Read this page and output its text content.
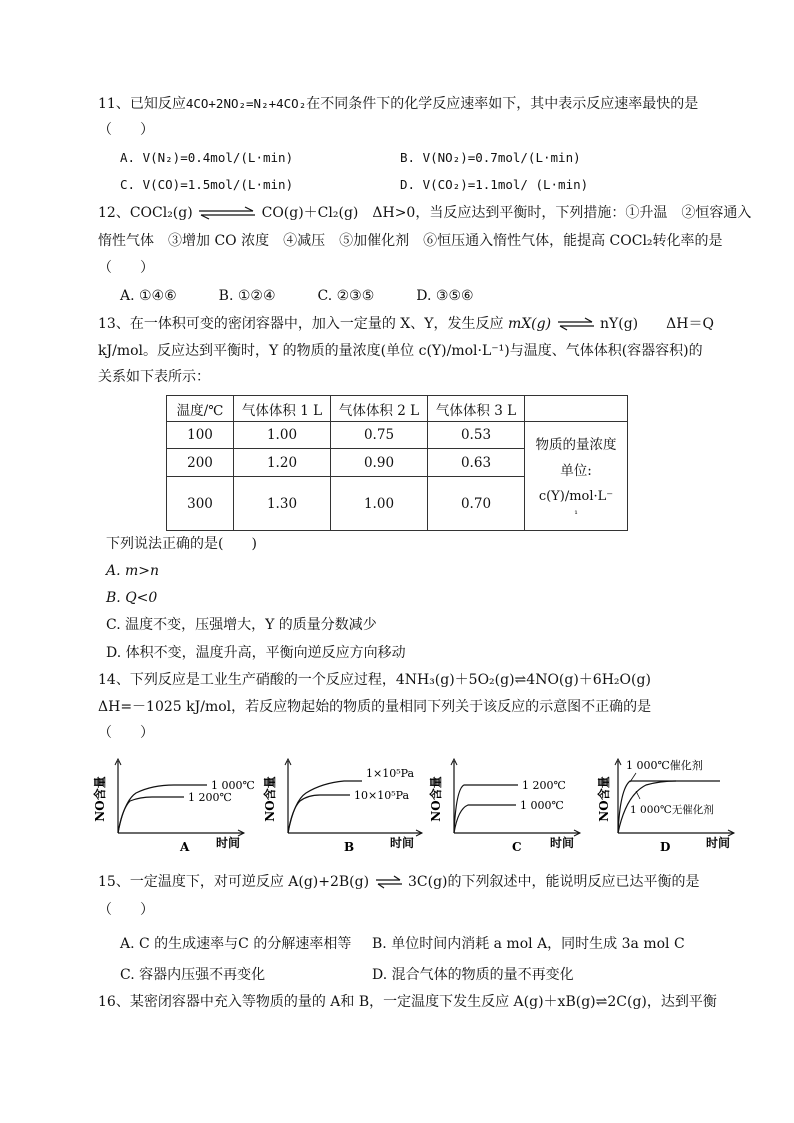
11、已知反应4CO+2NO₂=N₂+4CO₂在不同条件下的化学反应速率如下，其中表示反应速率最快的是
（　　）
A. V(N₂)=0.4mol/(L·min)	B. V(NO₂)=0.7mol/(L·min)
C. V(CO)=1.5mol/(L·min)	D. V(CO₂)=1.1mol/ (L·min)
12、COCl₂(g)	CO(g)＋Cl₂(g)　ΔH>0，当反应达到平衡时，下列措施：①升温　②恒容通入
惰性气体　③增加 CO 浓度　④减压　⑤加催化剂　⑥恒压通入惰性气体，能提高 COCl₂转化率的是
（　　）
A. ①④⑥　　　B. ①②④　　　C. ②③⑤　　　D. ③⑤⑥
13、在一体积可变的密闭容器中，加入一定量的 X、Y，发生反应 mX(g) ⇌ nY(g)　　ΔH＝Q
kJ/mol。反应达到平衡时，Y 的物质的量浓度(单位 c(Y)/mol·L⁻¹)与温度、气体体积(容器容积)的
关系如下表所示：
温度/℃	气体体积 1 L	气体体积 2 L	气体体积 3 L	
100	1.00	0.75	0.53	物质的量浓度
单位:
c(Y)/mol·L⁻
¹

200	1.20	0.90	0.63	
300	1.30	1.00	0.70	
下列说法正确的是(　　)
A. m>n
B. Q<0
C. 温度不变，压强增大，Y 的质量分数减少
D. 体积不变，温度升高，平衡向逆反应方向移动
14、下列反应是工业生产硝酸的一个反应过程，4NH₃(g)＋5O₂(g)⇌4NO(g)＋6H₂O(g)
ΔH=－1025 kJ/mol，若反应物起始的物质的量相同下列关于该反应的示意图不正确的是
（　　）
NO含量	1 000℃
1 200℃
A 时间
NO含量
1×10⁵Pa
10×10⁵Pa
B	时间
NO含量	1 200℃
1 000℃
C 时间
NO含量
1 000℃催化剂
1 000℃无催化剂
D	时间
15、一定温度下，对可逆反应 A(g)+2B(g) ⇌ 3C(g)的下列叙述中，能说明反应已达平衡的是
（　　）
A. C 的生成速率与C 的分解速率相等 B. 单位时间内消耗 a mol A，同时生成 3a mol C
C. 容器内压强不再变化	D. 混合气体的物质的量不再变化
16、某密闭容器中充入等物质的量的 A和 B，一定温度下发生反应 A(g)＋xB(g)⇌2C(g)，达到平衡
